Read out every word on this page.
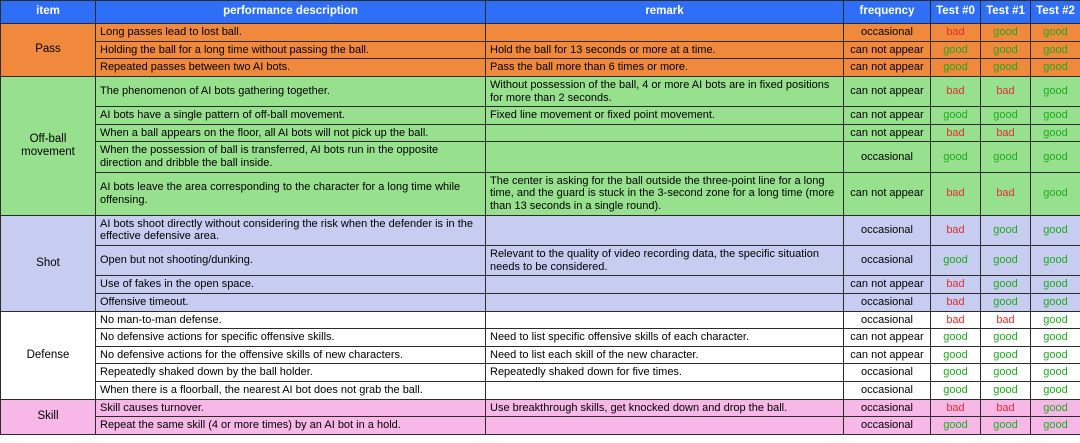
item	performance description	remark	frequency	Test #0	Test #1	Test #2
Pass	Long passes lead to lost ball.		occasional	bad	good	good
	Holding the ball for a long time without passing the ball.	Hold the ball for 13 seconds or more at a time.	can not appear	good	good	good
	Repeated passes between two AI bots.	Pass the ball more than 6 times or more.	can not appear	good	good	good
Off-ball movement	The phenomenon of AI bots gathering together.	Without possession of the ball, 4 or more AI bots are in fixed positions for more than 2 seconds.	can not appear	bad	bad	good
	AI bots have a single pattern of off-ball movement.	Fixed line movement or fixed point movement.	can not appear	good	good	good
	When a ball appears on the floor, all AI bots will not pick up the ball.		can not appear	bad	bad	good
	When the possession of ball is transferred, AI bots run in the opposite direction and dribble the ball inside.		occasional	good	good	good
	AI bots leave the area corresponding to the character for a long time while offensing.	The center is asking for the ball outside the three-point line for a long time, and the guard is stuck in the 3-second zone for a long time (more than 13 seconds in a single round).	can not appear	bad	bad	good
Shot	AI bots shoot directly without considering the risk when the defender is in the effective defensive area.		occasional	bad	good	good
	Open but not shooting/dunking.	Relevant to the quality of video recording data, the specific situation needs to be considered.	occasional	good	good	good
	Use of fakes in the open space.		can not appear	bad	good	good
	Offensive timeout.		occasional	bad	good	good
Defense	No man-to-man defense.		occasional	bad	bad	good
	No defensive actions for specific offensive skills.	Need to list specific offensive skills of each character.	can not appear	good	good	good
	No defensive actions for the offensive skills of new characters.	Need to list each skill of the new character.	can not appear	good	good	good
	Repeatedly shaked down by the ball holder.	Repeatedly shaked down for five times.	occasional	good	good	good
	When there is a floorball, the nearest AI bot does not grab the ball.		occasional	good	good	good
Skill	Skill causes turnover.	Use breakthrough skills, get knocked down and drop the ball.	occasional	bad	bad	good
	Repeat the same skill (4 or more times) by an AI bot in a hold.		occasional	good	good	good
